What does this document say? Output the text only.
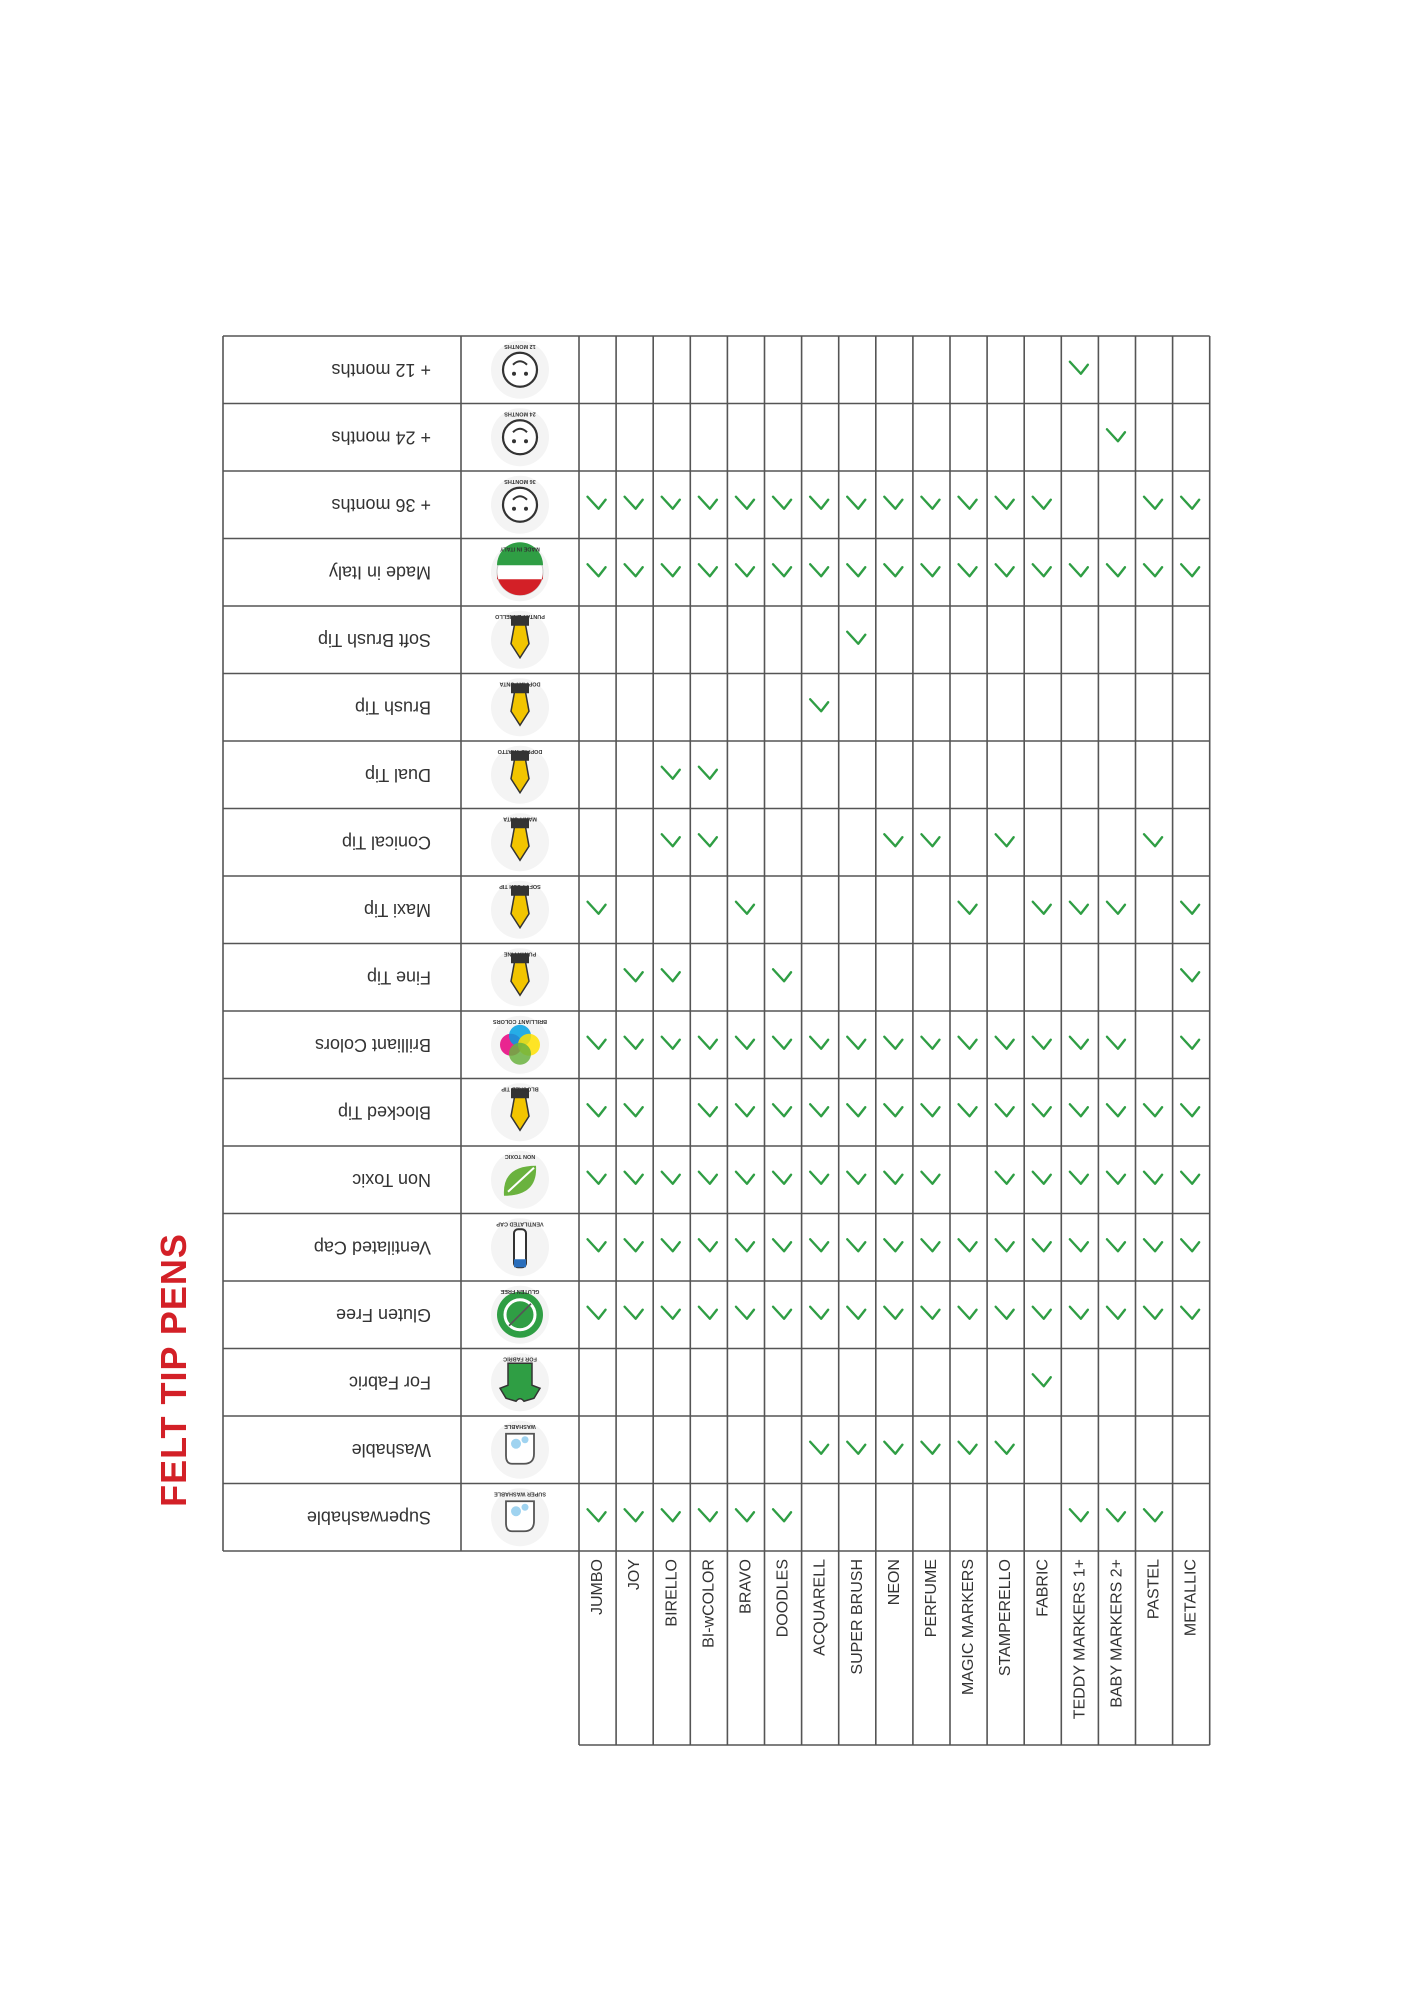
FELT TIP PENS
+ 12 months
12 MONTHS
+ 24 months
24 MONTHS
+ 36 months
36 MONTHS
Made in Italy
MADE IN ITALY
Soft Brush Tip
PUNTA PENNELLO
Brush Tip
DOPPIA PUNTA
Dual Tip
DOPPIO TRATTO
Conical Tip
MAXI PUNTA
Maxi Tip
SOFT PUSH TIP
Fine Tip
PUNTA FINE
Brilliant Colors
BRILLIANT COLORS
Blocked Tip
BLOCKED TIP
Non Toxic
NON TOXIC
Ventilated Cap
VENTILATED CAP
Gluten Free
GLUTEN FREE
For Fabric
FOR FABRIC
Washable
WASHABLE
Superwashable
SUPER WASHABLE
JUMBO JOY BIRELLO BI-wCOLOR BRAVO DOODLES ACQUARELL SUPER BRUSH NEON PERFUME MAGIC MARKERS STAMPERELLO FABRIC TEDDY MARKERS 1+ BABY MARKERS 2+ PASTEL METALLIC
